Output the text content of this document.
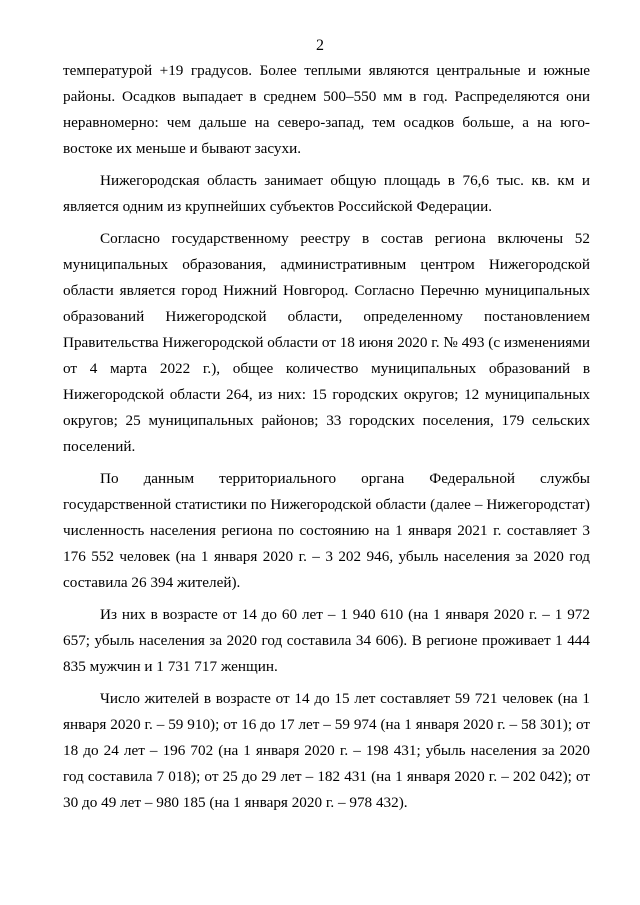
2

температурой +19 градусов. Более теплыми являются центральные и южные районы. Осадков выпадает в среднем 500–550 мм в год. Распределяются они неравномерно: чем дальше на северо-запад, тем осадков больше, а на юго-востоке их меньше и бывают засухи.

Нижегородская область занимает общую площадь в 76,6 тыс. кв. км и является одним из крупнейших субъектов Российской Федерации.

Согласно государственному реестру в состав региона включены 52 муниципальных образования, административным центром Нижегородской области является город Нижний Новгород. Согласно Перечню муниципальных образований Нижегородской области, определенному постановлением Правительства Нижегородской области от 18 июня 2020 г. № 493 (с изменениями от 4 марта 2022 г.), общее количество муниципальных образований в Нижегородской области 264, из них: 15 городских округов; 12 муниципальных округов; 25 муниципальных районов; 33 городских поселения, 179 сельских поселений.

По данным территориального органа Федеральной службы государственной статистики по Нижегородской области (далее – Нижегородстат) численность населения региона по состоянию на 1 января 2021 г. составляет 3 176 552 человек (на 1 января 2020 г. – 3 202 946, убыль населения за 2020 год составила 26 394 жителей).

Из них в возрасте от 14 до 60 лет – 1 940 610 (на 1 января 2020 г. – 1 972 657; убыль населения за 2020 год составила 34 606). В регионе проживает 1 444 835 мужчин и 1 731 717 женщин.

Число жителей в возрасте от 14 до 15 лет составляет 59 721 человек (на 1 января 2020 г. – 59 910); от 16 до 17 лет – 59 974 (на 1 января 2020 г. – 58 301); от 18 до 24 лет – 196 702 (на 1 января 2020 г. – 198 431; убыль населения за 2020 год составила 7 018); от 25 до 29 лет – 182 431 (на 1 января 2020 г. – 202 042); от 30 до 49 лет – 980 185 (на 1 января 2020 г. – 978 432).
